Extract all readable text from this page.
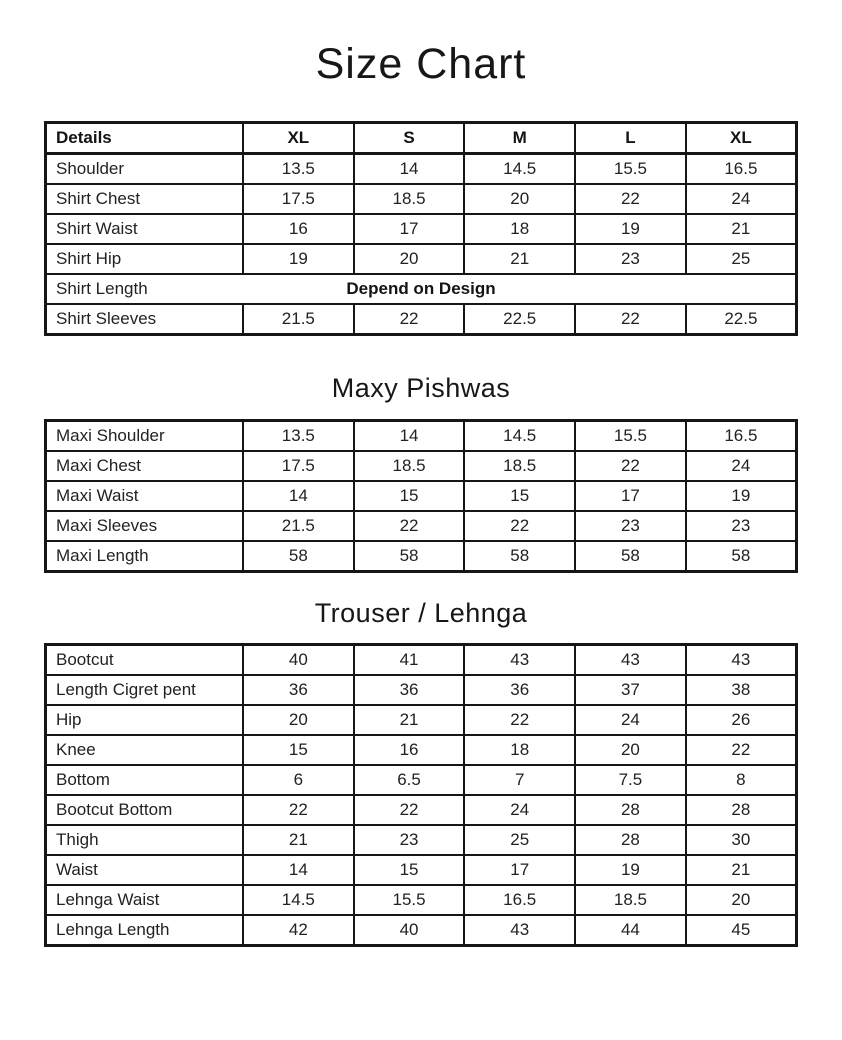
Size Chart
Details	XL	S	M	L	XL
Shoulder	13.5	14	14.5	15.5	16.5
Shirt Chest	17.5	18.5	20	22	24
Shirt Waist	16	17	18	19	21
Shirt Hip	19	20	21	23	25

Shirt Length Depend on Design					
Shirt Sleeves	21.5	22	22.5	22	22.5
Maxy Pishwas
Maxi Shoulder	13.5	14	14.5	15.5	16.5
Maxi Chest	17.5	18.5	18.5	22	24
Maxi Waist	14	15	15	17	19
Maxi Sleeves	21.5	22	22	23	23
Maxi Length	58	58	58	58	58
Trouser / Lehnga
Bootcut	40	41	43	43	43
Length Cigret pent	36	36	36	37	38
Hip	20	21	22	24	26
Knee	15	16	18	20	22
Bottom	6	6.5	7	7.5	8
Bootcut Bottom	22	22	24	28	28
Thigh	21	23	25	28	30
Waist	14	15	17	19	21
Lehnga Waist	14.5	15.5	16.5	18.5	20
Lehnga Length	42	40	43	44	45
